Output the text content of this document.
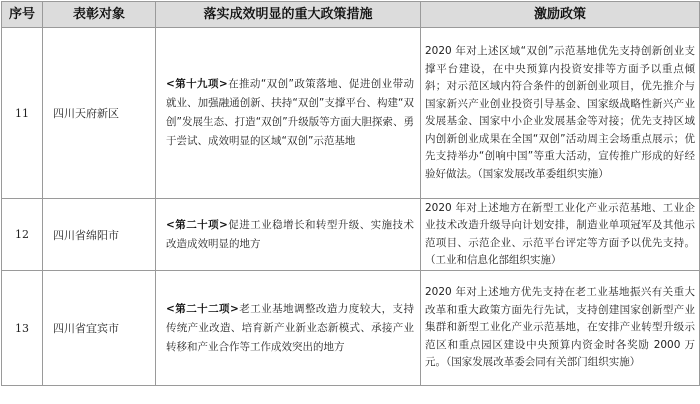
序号	表彰对象	落实成效明显的重大政策措施	激励政策
11	四川天府新区	<第十九项>在推动“双创”政策落地、促进创业带动就业、加强融通创新、扶持“双创”支撑平台、构建“双创”发展生态、打造“双创”升级版等方面大胆探索、勇于尝试、成效明显的区域“双创”示范基地	2020 年对上述区域“双创”示范基地优先支持创新创业支撑平台建设，在中央预算内投资安排等方面予以重点倾斜；对示范区域内符合条件的创新创业项目，优先推介与国家新兴产业创业投资引导基金、国家级战略性新兴产业发展基金、国家中小企业发展基金等对接；优先支持区域内创新创业成果在全国“双创”活动周主会场重点展示；优先支持举办“创响中国”等重大活动，宣传推广形成的好经验好做法。（国家发展改革委组织实施）
12	四川省绵阳市	<第二十项>促进工业稳增长和转型升级、实施技术改造成效明显的地方	2020 年对上述地方在新型工业化产业示范基地、工业企业技术改造升级导向计划安排，制造业单项冠军及其他示范项目、示范企业、示范平台评定等方面予以优先支持。（工业和信息化部组织实施）
13	四川省宜宾市	<第二十二项>老工业基地调整改造力度较大，支持传统产业改造、培育新产业新业态新模式、承接产业转移和产业合作等工作成效突出的地方	2020 年对上述地方优先支持在老工业基地振兴有关重大改革和重大政策方面先行先试，支持创建国家创新型产业集群和新型工业化产业示范基地，在安排产业转型升级示范区和重点园区建设中央预算内资金时各奖励 2000 万元。（国家发展改革委会同有关部门组织实施）
